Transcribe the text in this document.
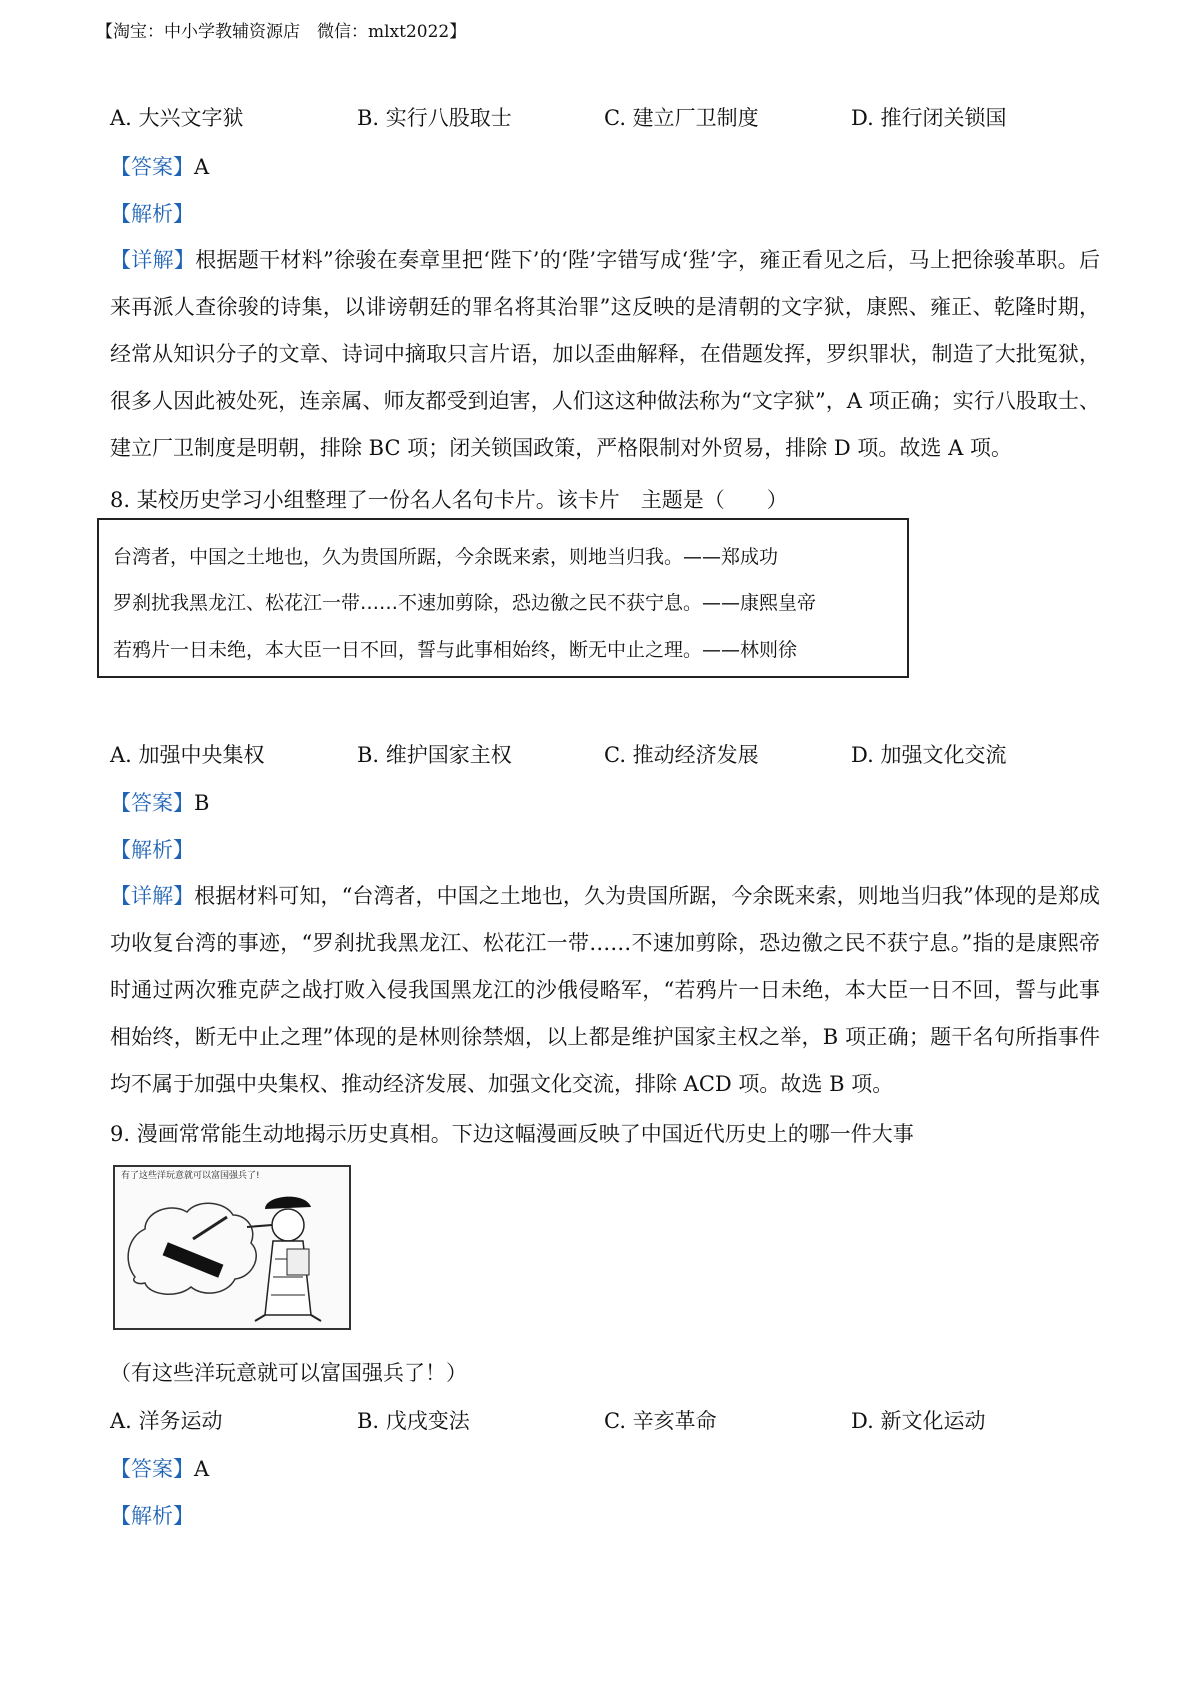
【淘宝：中小学教辅资源店　微信：mlxt2022】
A. 大兴文字狱	B. 实行八股取士	C. 建立厂卫制度	D. 推行闭关锁国
【答案】A
【解析】
【详解】根据题干材料”徐骏在奏章里把‘陛下’的‘陛’字错写成‘狴’字，雍正看见之后，马上把徐骏革职。后
来再派人查徐骏的诗集，以诽谤朝廷的罪名将其治罪”这反映的是清朝的文字狱，康熙、雍正、乾隆时期，
经常从知识分子的文章、诗词中摘取只言片语，加以歪曲解释，在借题发挥，罗织罪状，制造了大批冤狱，
很多人因此被处死，连亲属、师友都受到迫害，人们这这种做法称为“文字狱”，A 项正确；实行八股取士、
建立厂卫制度是明朝，排除 BC 项；闭关锁国政策，严格限制对外贸易，排除 D 项。故选 A 项。
8. 某校历史学习小组整理了一份名人名句卡片。该卡片　主题是（　　）
台湾者，中国之土地也，久为贵国所踞，今余既来索，则地当归我。——郑成功
罗刹扰我黑龙江、松花江一带……不速加剪除，恐边徼之民不获宁息。——康熙皇帝
若鸦片一日未绝，本大臣一日不回，誓与此事相始终，断无中止之理。——林则徐
A. 加强中央集权	B. 维护国家主权	C. 推动经济发展	D. 加强文化交流
【答案】B
【解析】
【详解】根据材料可知，“台湾者，中国之土地也，久为贵国所踞，今余既来索，则地当归我”体现的是郑成
功收复台湾的事迹，“罗刹扰我黑龙江、松花江一带……不速加剪除，恐边徼之民不获宁息。”指的是康熙帝
时通过两次雅克萨之战打败入侵我国黑龙江的沙俄侵略军，“若鸦片一日未绝，本大臣一日不回，誓与此事
相始终，断无中止之理”体现的是林则徐禁烟，以上都是维护国家主权之举，B 项正确；题干名句所指事件
均不属于加强中央集权、推动经济发展、加强文化交流，排除 ACD 项。故选 B 项。
9. 漫画常常能生动地揭示历史真相。下边这幅漫画反映了中国近代历史上的哪一件大事
有了这些洋玩意就可以富国强兵了!
（有这些洋玩意就可以富国强兵了！）
A. 洋务运动	B. 戊戌变法	C. 辛亥革命	D. 新文化运动
【答案】A
【解析】
